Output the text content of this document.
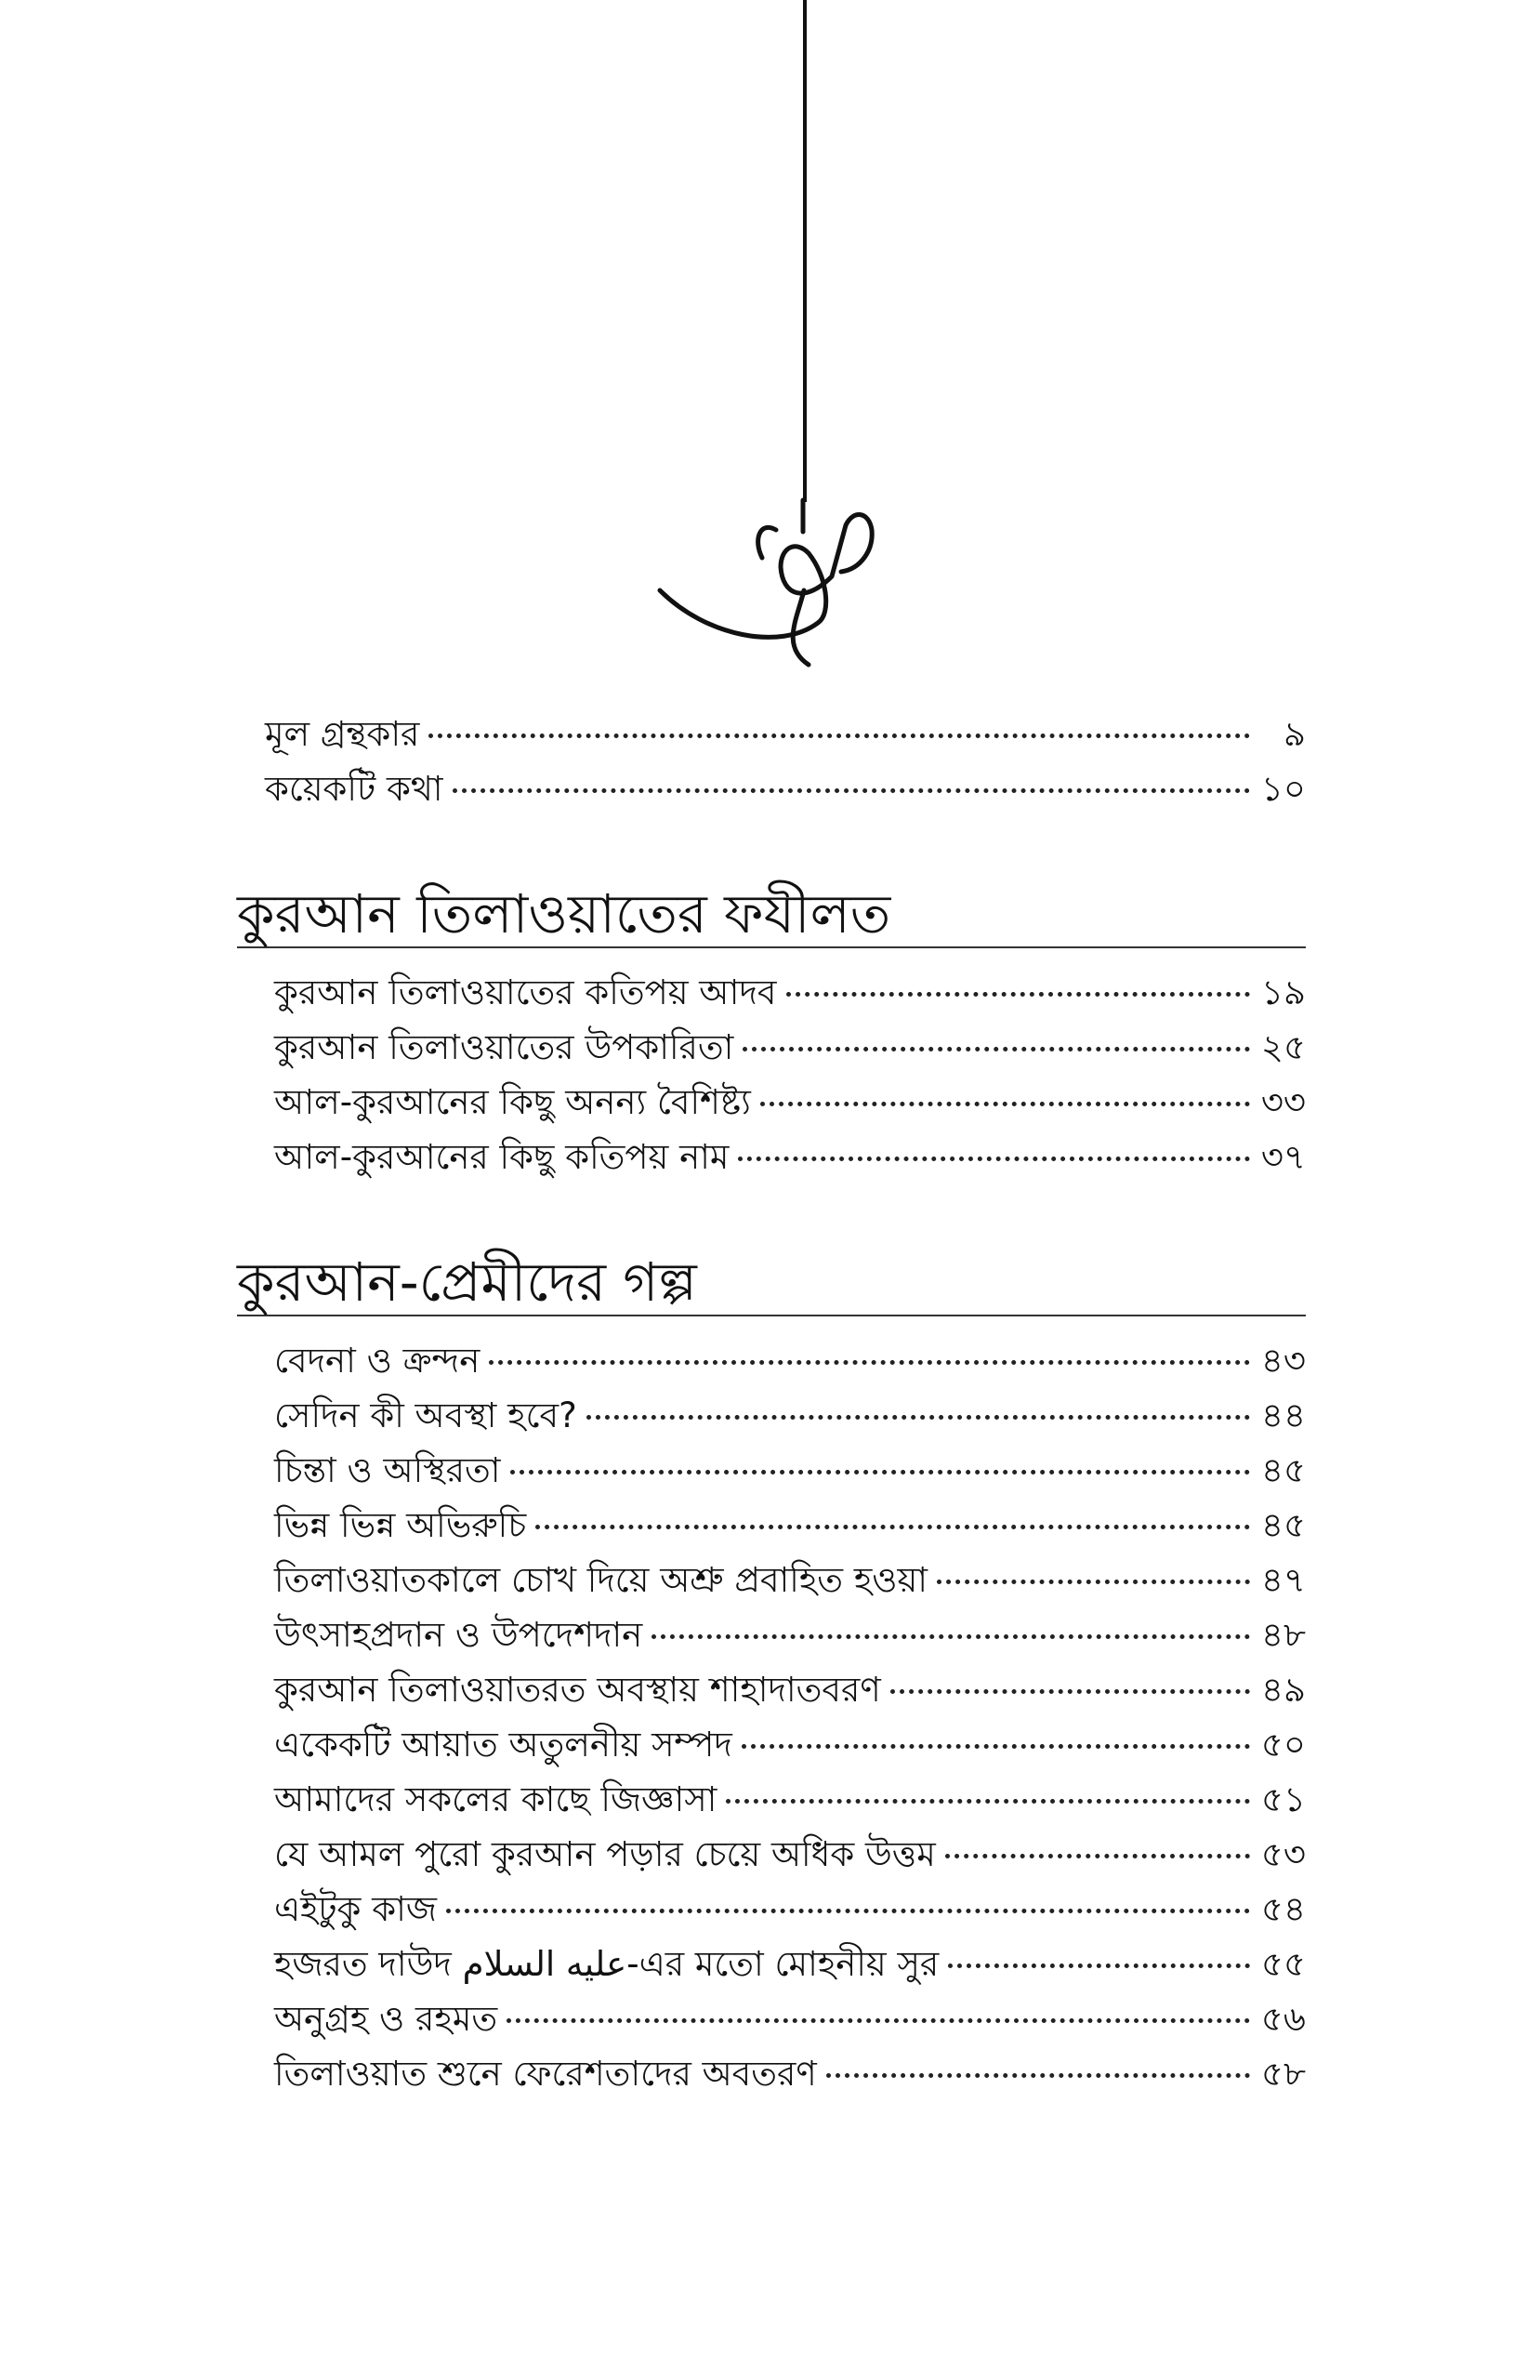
মূল গ্রন্থকার	৯
কয়েকটি কথা	১০
কুরআন তিলাওয়াতের ফযীলত
কুরআন তিলাওয়াতের কতিপয় আদব	১৯
কুরআন তিলাওয়াতের উপকারিতা	২৫
আল-কুরআনের কিছু অনন্য বৈশিষ্ট্য	৩৩
আল-কুরআনের কিছু কতিপয় নাম	৩৭
কুরআন-প্রেমীদের গল্প
বেদনা ও ক্রন্দন	৪৩
সেদিন কী অবস্থা হবে?	৪৪
চিন্তা ও অস্থিরতা	৪৫
ভিন্ন ভিন্ন অভিরুচি	৪৫
তিলাওয়াতকালে চোখ দিয়ে অশ্রু প্রবাহিত হওয়া	৪৭
উৎসাহপ্রদান ও উপদেশদান	৪৮
কুরআন তিলাওয়াতরত অবস্থায় শাহাদাতবরণ	৪৯
একেকটি আয়াত অতুলনীয় সম্পদ	৫০
আমাদের সকলের কাছে জিজ্ঞাসা	৫১
যে আমল পুরো কুরআন পড়ার চেয়ে অধিক উত্তম	৫৩
এইটুকু কাজ	৫৪
হজরত দাউদ عليه السلام-এর মতো মোহনীয় সুর	৫৫
অনুগ্রহ ও রহমত	৫৬
তিলাওয়াত শুনে ফেরেশতাদের অবতরণ	৫৮
